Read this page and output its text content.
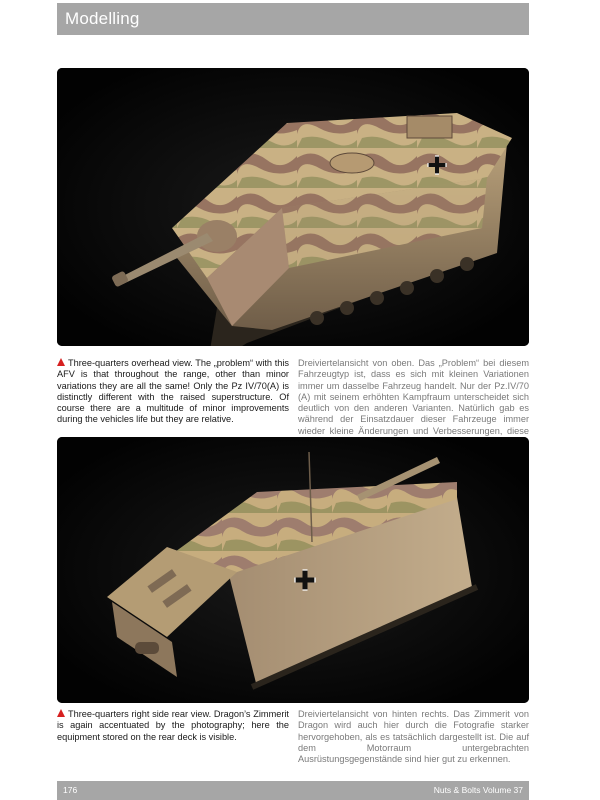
Modelling
Three-quarters overhead view. The „problem“ with this AFV is that throughout the range, other than minor variations they are all the same! Only the Pz IV/70(A) is distinctly different with the raised superstructure. Of course there are a multitude of minor improvements during the vehicles life but they are relative.
Dreiviertelansicht von oben. Das „Problem“ bei diesem Fahrzeugtyp ist, dass es sich mit kleinen Variationen immer um dasselbe Fahrzeug handelt. Nur der Pz.IV/70 (A) mit seinem erhöhten Kampfraum unterscheidet sich deutlich von den anderen Varianten. Natürlich gab es während der Einsatzdauer dieser Fahrzeuge immer wieder kleine Änderungen und Verbesserungen, diese
Three-quarters right side rear view. Dragon’s Zimmerit is again accentuated by the photography; here the equipment stored on the rear deck is visible.
Dreiviertelansicht von hinten rechts. Das Zimmerit von Dragon wird auch hier durch die Fotografie starker hervorgehoben, als es tatsächlich dargestellt ist. Die auf dem Motorraum untergebrachten Ausrüstungsgegenstände sind hier gut zu erkennen.
176	Nuts & Bolts Volume 37
